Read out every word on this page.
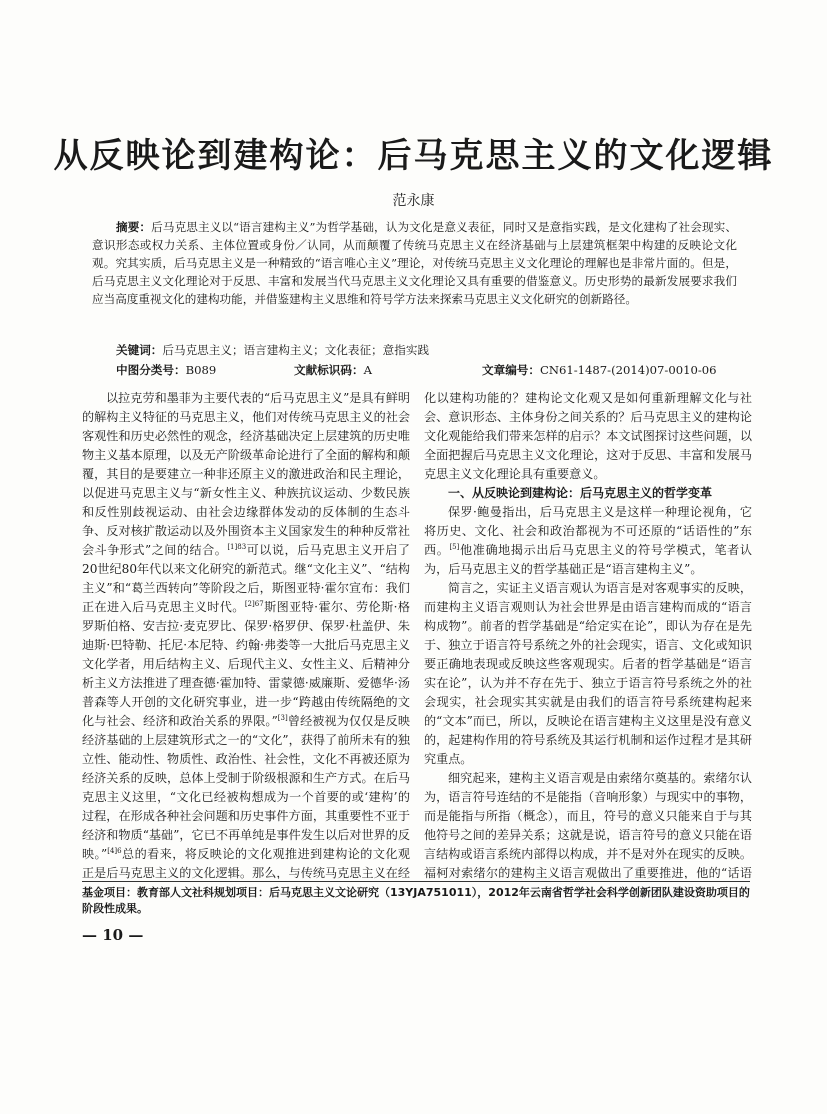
从反映论到建构论：后马克思主义的文化逻辑
范永康
摘要：后马克思主义以“语言建构主义”为哲学基础，认为文化是意义表征，同时又是意指实践，是文化建构了社会现实、意识形态或权力关系、主体位置或身份／认同，从而颠覆了传统马克思主义在经济基础与上层建筑框架中构建的反映论文化观。究其实质，后马克思主义是一种精致的“语言唯心主义”理论，对传统马克思主义文化理论的理解也是非常片面的。但是，后马克思主义文化理论对于反思、丰富和发展当代马克思主义文化理论又具有重要的借鉴意义。历史形势的最新发展要求我们应当高度重视文化的建构功能，并借鉴建构主义思维和符号学方法来探索马克思主义文化研究的创新路径。
关键词：后马克思主义；语言建构主义；文化表征；意指实践
中图分类号：B089	文献标识码：A	文章编号：CN61-1487-(2014)07-0010-06

以拉克劳和墨菲为主要代表的“后马克思主义”是具有鲜明的解构主义特征的马克思主义，他们对传统马克思主义的社会客观性和历史必然性的观念，经济基础决定上层建筑的历史唯物主义基本原理，以及无产阶级革命论进行了全面的解构和颠覆，其目的是要建立一种非还原主义的激进政治和民主理论，以促进马克思主义与“新女性主义、种族抗议运动、少数民族和反性别歧视运动、由社会边缘群体发动的反体制的生态斗争、反对核扩散运动以及外围资本主义国家发生的种种反常社会斗争形式”之间的结合。$^{[1]83}$可以说，后马克思主义开启了20世纪80年代以来文化研究的新范式。继“文化主义”、“结构主义”和“葛兰西转向”等阶段之后，斯图亚特·霍尔宣布：我们正在进入后马克思主义时代。$^{[2]67}$斯图亚特·霍尔、劳伦斯·格罗斯伯格、安吉拉·麦克罗比、保罗·格罗伊、保罗·杜盖伊、朱迪斯·巴特勒、托尼·本尼特、约翰·弗娄等一大批后马克思主义文化学者，用后结构主义、后现代主义、女性主义、后精神分析主义方法推进了理查德·霍加特、雷蒙德·威廉斯、爱德华·汤普森等人开创的文化研究事业，进一步“跨越由传统隔绝的文化与社会、经济和政治关系的界限。”[3]曾经被视为仅仅是反映经济基础的上层建筑形式之一的“文化”，获得了前所未有的独立性、能动性、物质性、政治性、社会性，文化不再被还原为经济关系的反映，总体上受制于阶级根源和生产方式。在后马克思主义这里，“文化已经被构想成为一个首要的或‘建构’的过程，在形成各种社会问题和历史事件方面，其重要性不亚于经济和物质“基础”，它已不再单纯是事件发生以后对世界的反映。”$^{[4]6}$总的看来，将反映论的文化观推进到建构论的文化观正是后马克思主义的文化逻辑。那么，与传统马克思主义在经

化以建构功能的？建构论文化观又是如何重新理解文化与社会、意识形态、主体身份之间关系的？后马克思主义的建构论文化观能给我们带来怎样的启示？本文试图探讨这些问题，以全面把握后马克思主义文化理论，这对于反思、丰富和发展马克思主义文化理论具有重要意义。

一、从反映论到建构论：后马克思主义的哲学变革

保罗·鲍曼指出，后马克思主义是这样一种理论视角，它将历史、文化、社会和政治都视为不可还原的“话语性的”东西。[5]他准确地揭示出后马克思主义的符号学模式，笔者认为，后马克思主义的哲学基础正是“语言建构主义”。

简言之，实证主义语言观认为语言是对客观事实的反映，而建构主义语言观则认为社会世界是由语言建构而成的“语言构成物”。前者的哲学基础是“给定实在论”，即认为存在是先于、独立于语言符号系统之外的社会现实，语言、文化或知识要正确地表现或反映这些客观现实。后者的哲学基础是“语言实在论”，认为并不存在先于、独立于语言符号系统之外的社会现实，社会现实其实就是由我们的语言符号系统建构起来的“文本”而已，所以，反映论在语言建构主义这里是没有意义的，起建构作用的符号系统及其运行机制和运作过程才是其研究重点。

细究起来，建构主义语言观是由索绪尔奠基的。索绪尔认为，语言符号连结的不是能指（音响形象）与现实中的事物，而是能指与所指（概念），而且，符号的意义只能来自于与其他符号之间的差异关系；这就是说，语言符号的意义只能在语言结构或语言系统内部得以构成，并不是对外在现实的反映。福柯对索绪尔的建构主义语言观做出了重要推进，他的“话语

基金项目：教育部人文社科规划项目：后马克思主义文论研究（13YJA751011），2012年云南省哲学社会科学创新团队建设资助项目的阶段性成果。
— 10 —
